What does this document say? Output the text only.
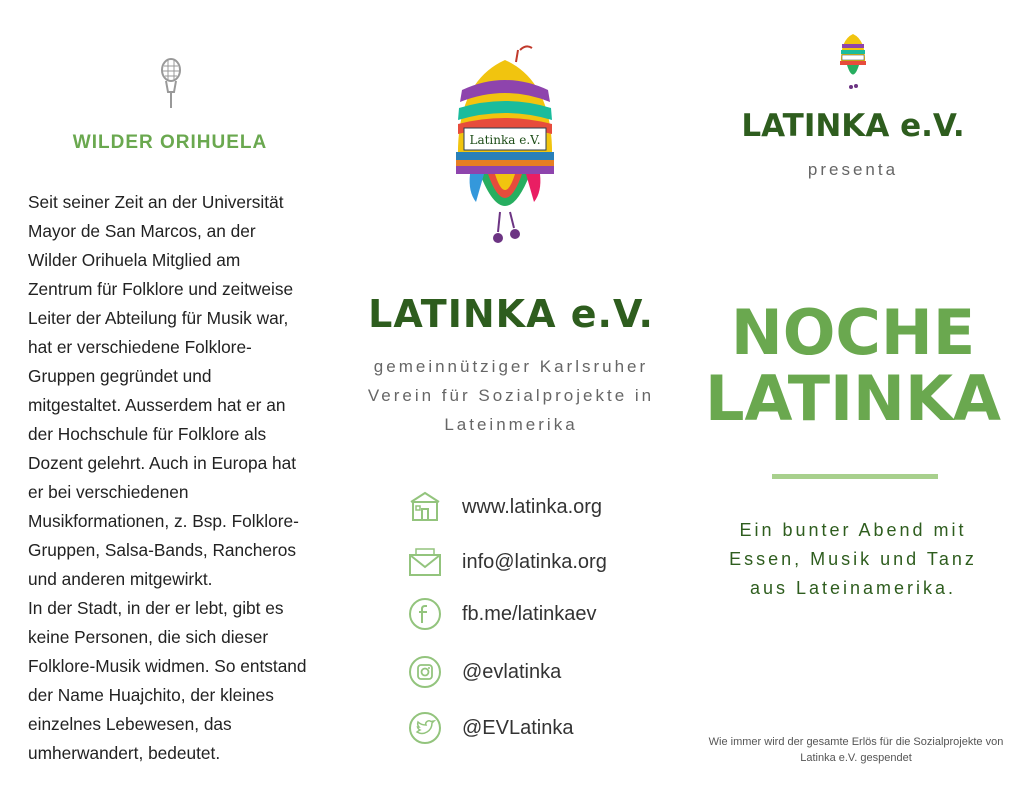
WILDER ORIHUELA

Seit seiner Zeit an der Universität

Mayor de San Marcos, an der

Wilder Orihuela Mitglied am

Zentrum für Folklore und zeitweise

Leiter der Abteilung für Musik war,

hat er verschiedene Folklore-

Gruppen gegründet und

mitgestaltet. Ausserdem hat er an

der Hochschule für Folklore als

Dozent gelehrt. Auch in Europa hat

er bei verschiedenen

Musikformationen, z. Bsp. Folklore-

Gruppen, Salsa-Bands, Rancheros

und anderen mitgewirkt.

In der Stadt, in der er lebt, gibt es

keine Personen, die sich dieser

Folklore-Musik widmen. So entstand

der Name Huajchito, der kleines

einzelnes Lebewesen, das

umherwandert, bedeutet.

Latinka e.V.
LATINKA e.V.
gemeinnütziger Karlsruher
Verein für Sozialprojekte in
Lateinmerika
www.latinka.org
info@latinka.org
fb.me/latinkaev
@evlatinka
@EVLatinka
LATINKA e.V.
presenta
NOCHE
LATINKA
Ein bunter Abend mit
Essen, Musik und Tanz
aus Lateinamerika.
Wie immer wird der gesamte Erlös für die Sozialprojekte von
Latinka e.V. gespendet
